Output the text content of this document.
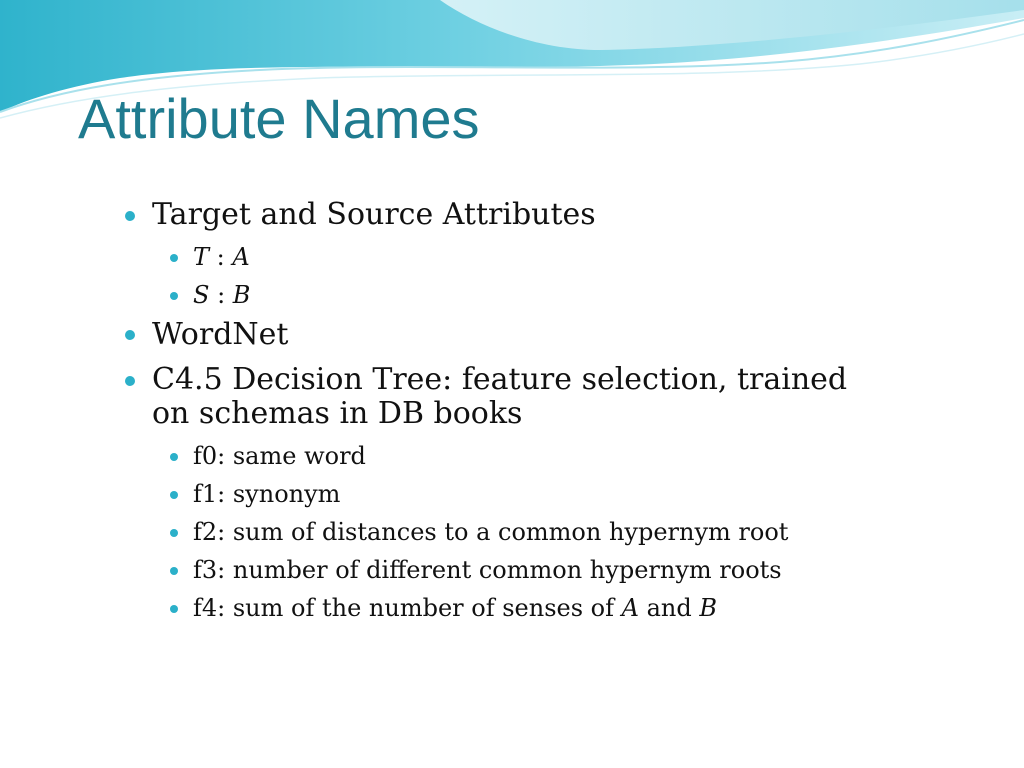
Attribute Names
Target and Source Attributes
T : A
S : B
WordNet
C4.5 Decision Tree: feature selection, trained
on schemas in DB books
f0: same word
f1: synonym
f2: sum of distances to a common hypernym root
f3: number of different common hypernym roots
f4: sum of the number of senses of A and B
